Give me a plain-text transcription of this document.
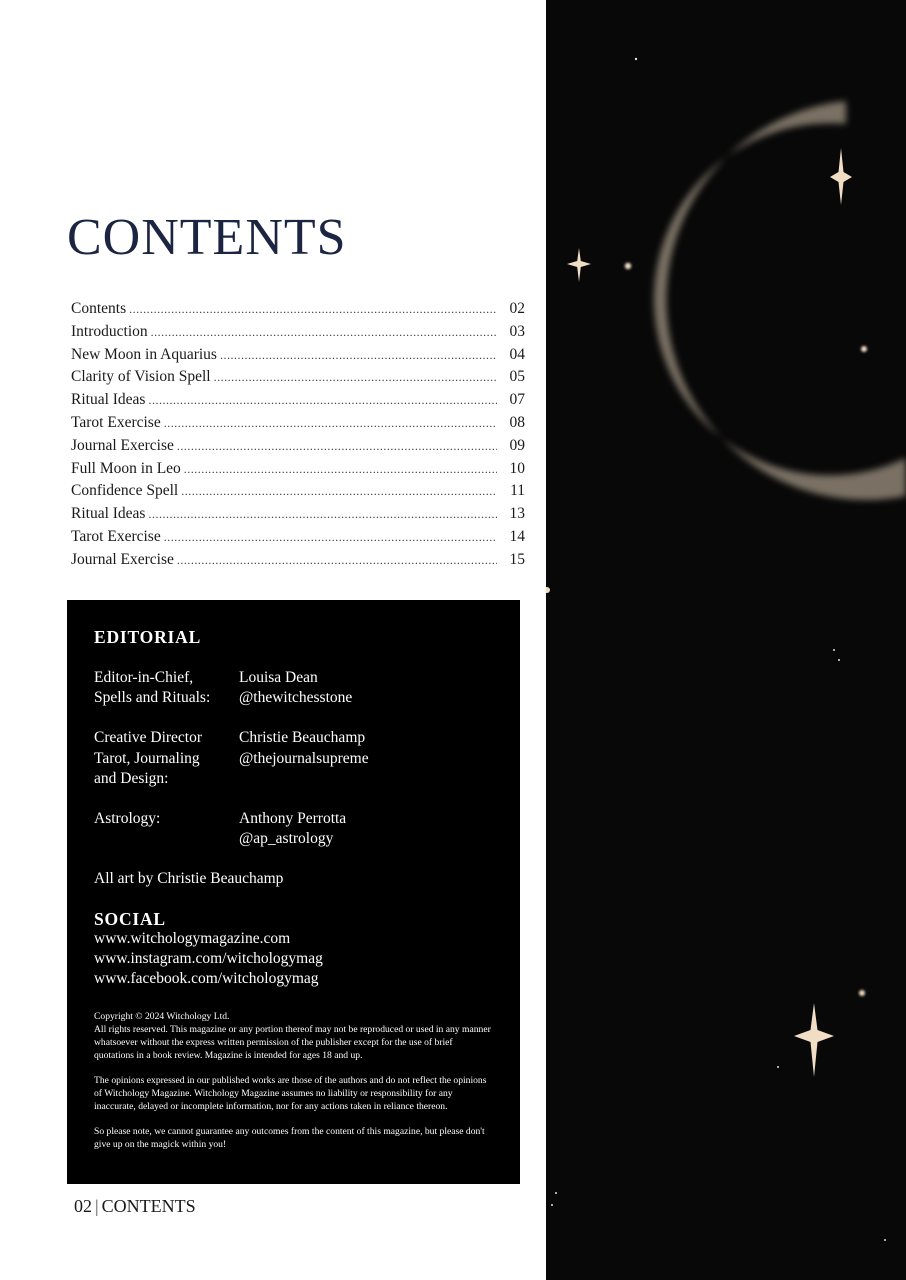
CONTENTS
Contents .....	02
Introduction .....	03
New Moon in Aquarius .....	04
Clarity of Vision Spell .....	05
Ritual Ideas .....	07
Tarot Exercise .....	08
Journal Exercise .....	09
Full Moon in Leo .....	10
Confidence Spell .....	11
Ritual Ideas .....	13
Tarot Exercise .....	14
Journal Exercise .....	15
EDITORIAL
Editor-in-Chief,	Louisa Dean
Spells and Rituals:	@thewitchesstone
Creative Director	Christie Beauchamp
Tarot, Journaling	@thejournalsupreme
and Design:
Astrology:	Anthony Perrotta
@ap_astrology
All art by Christie Beauchamp
SOCIAL
www.witchologymagazine.com
www.instagram.com/witchologymag
www.facebook.com/witchologymag

Copyright © 2024 Witchology Ltd.
All rights reserved. This magazine or any portion thereof may not be reproduced or used in any manner whatsoever without the express written permission of the publisher except for the use of brief quotations in a book review. Magazine is intended for ages 18 and up.

The opinions expressed in our published works are those of the authors and do not reflect the opinions of Witchology Magazine. Witchology Magazine assumes no liability or responsibility for any inaccurate, delayed or incomplete information, nor for any actions taken in reliance thereon.

So please note, we cannot guarantee any outcomes from the content of this magazine, but please don't give up on the magick within you!

02 | CONTENTS
